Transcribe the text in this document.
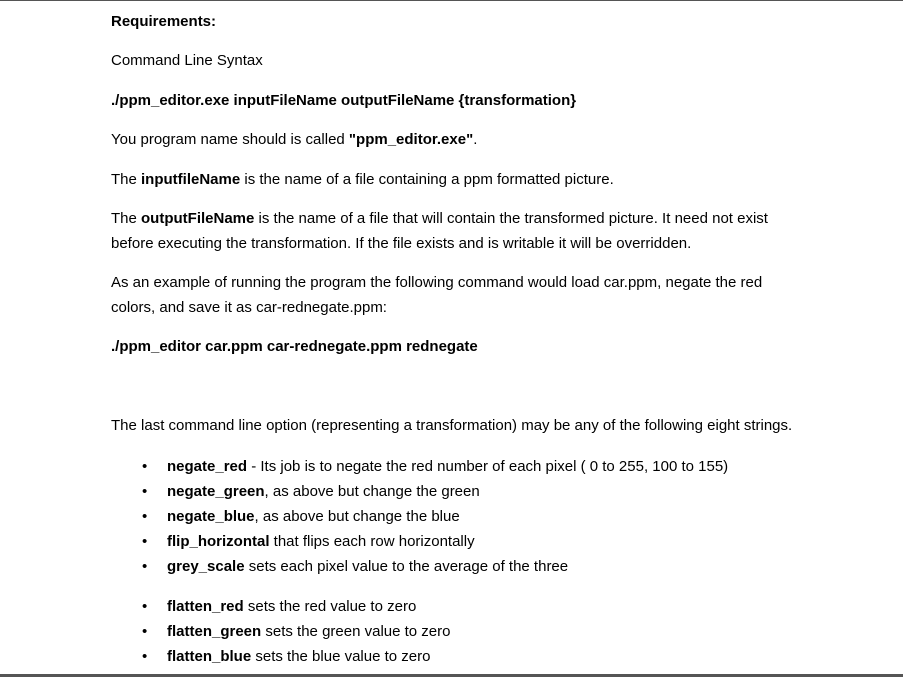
Requirements:
Command Line Syntax
./ppm_editor.exe inputFileName outputFileName {transformation}
You program name should is called "ppm_editor.exe".
The inputfileName is the name of a file containing a ppm formatted picture.
The outputFileName is the name of a file that will contain the transformed picture. It need not exist
before executing the transformation. If the file exists and is writable it will be overridden.
As an example of running the program the following command would load car.ppm, negate the red
colors, and save it as car-rednegate.ppm:
./ppm_editor car.ppm car-rednegate.ppm rednegate
The last command line option (representing a transformation) may be any of the following eight strings.
• negate_red - Its job is to negate the red number of each pixel ( 0 to 255, 100 to 155)
• negate_green, as above but change the green
• negate_blue, as above but change the blue
• flip_horizontal that flips each row horizontally
• grey_scale sets each pixel value to the average of the three
• flatten_red sets the red value to zero
• flatten_green sets the green value to zero
• flatten_blue sets the blue value to zero
